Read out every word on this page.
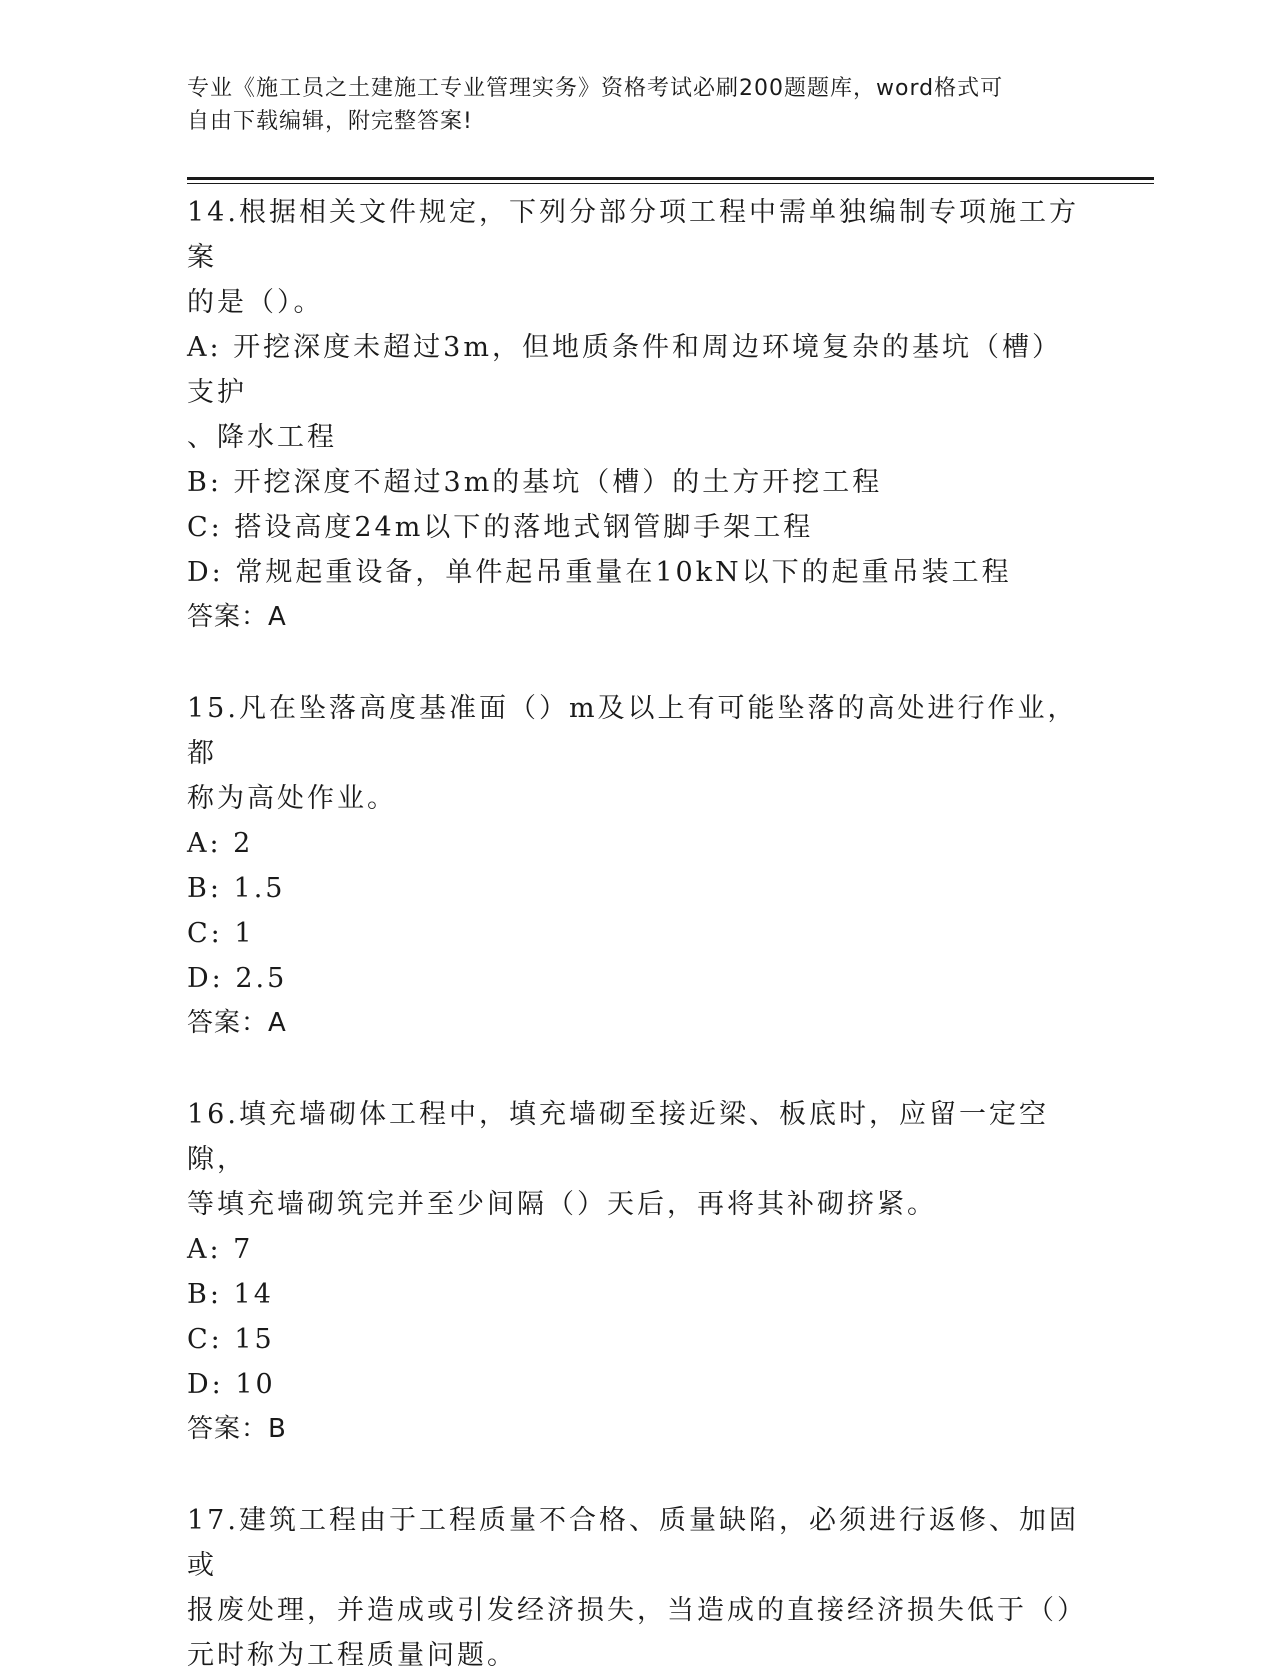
专业《施工员之土建施工专业管理实务》资格考试必刷200题题库，word格式可
自由下载编辑，附完整答案!

14.根据相关文件规定，下列分部分项工程中需单独编制专项施工方案

的是（）。

A: 开挖深度未超过3m，但地质条件和周边环境复杂的基坑（槽）支护

、降水工程

B: 开挖深度不超过3m的基坑（槽）的土方开挖工程

C: 搭设高度24m以下的落地式钢管脚手架工程

D: 常规起重设备，单件起吊重量在10kN以下的起重吊装工程

答案：A

15.凡在坠落高度基准面（）m及以上有可能坠落的高处进行作业，都

称为高处作业。

A: 2

B: 1.5

C: 1

D: 2.5

答案：A

16.填充墙砌体工程中，填充墙砌至接近梁、板底时，应留一定空隙，

等填充墙砌筑完并至少间隔（）天后，再将其补砌挤紧。

A: 7

B: 14

C: 15

D: 10

答案：B

17.建筑工程由于工程质量不合格、质量缺陷，必须进行返修、加固或

报废处理，并造成或引发经济损失，当造成的直接经济损失低于（）

元时称为工程质量问题。
